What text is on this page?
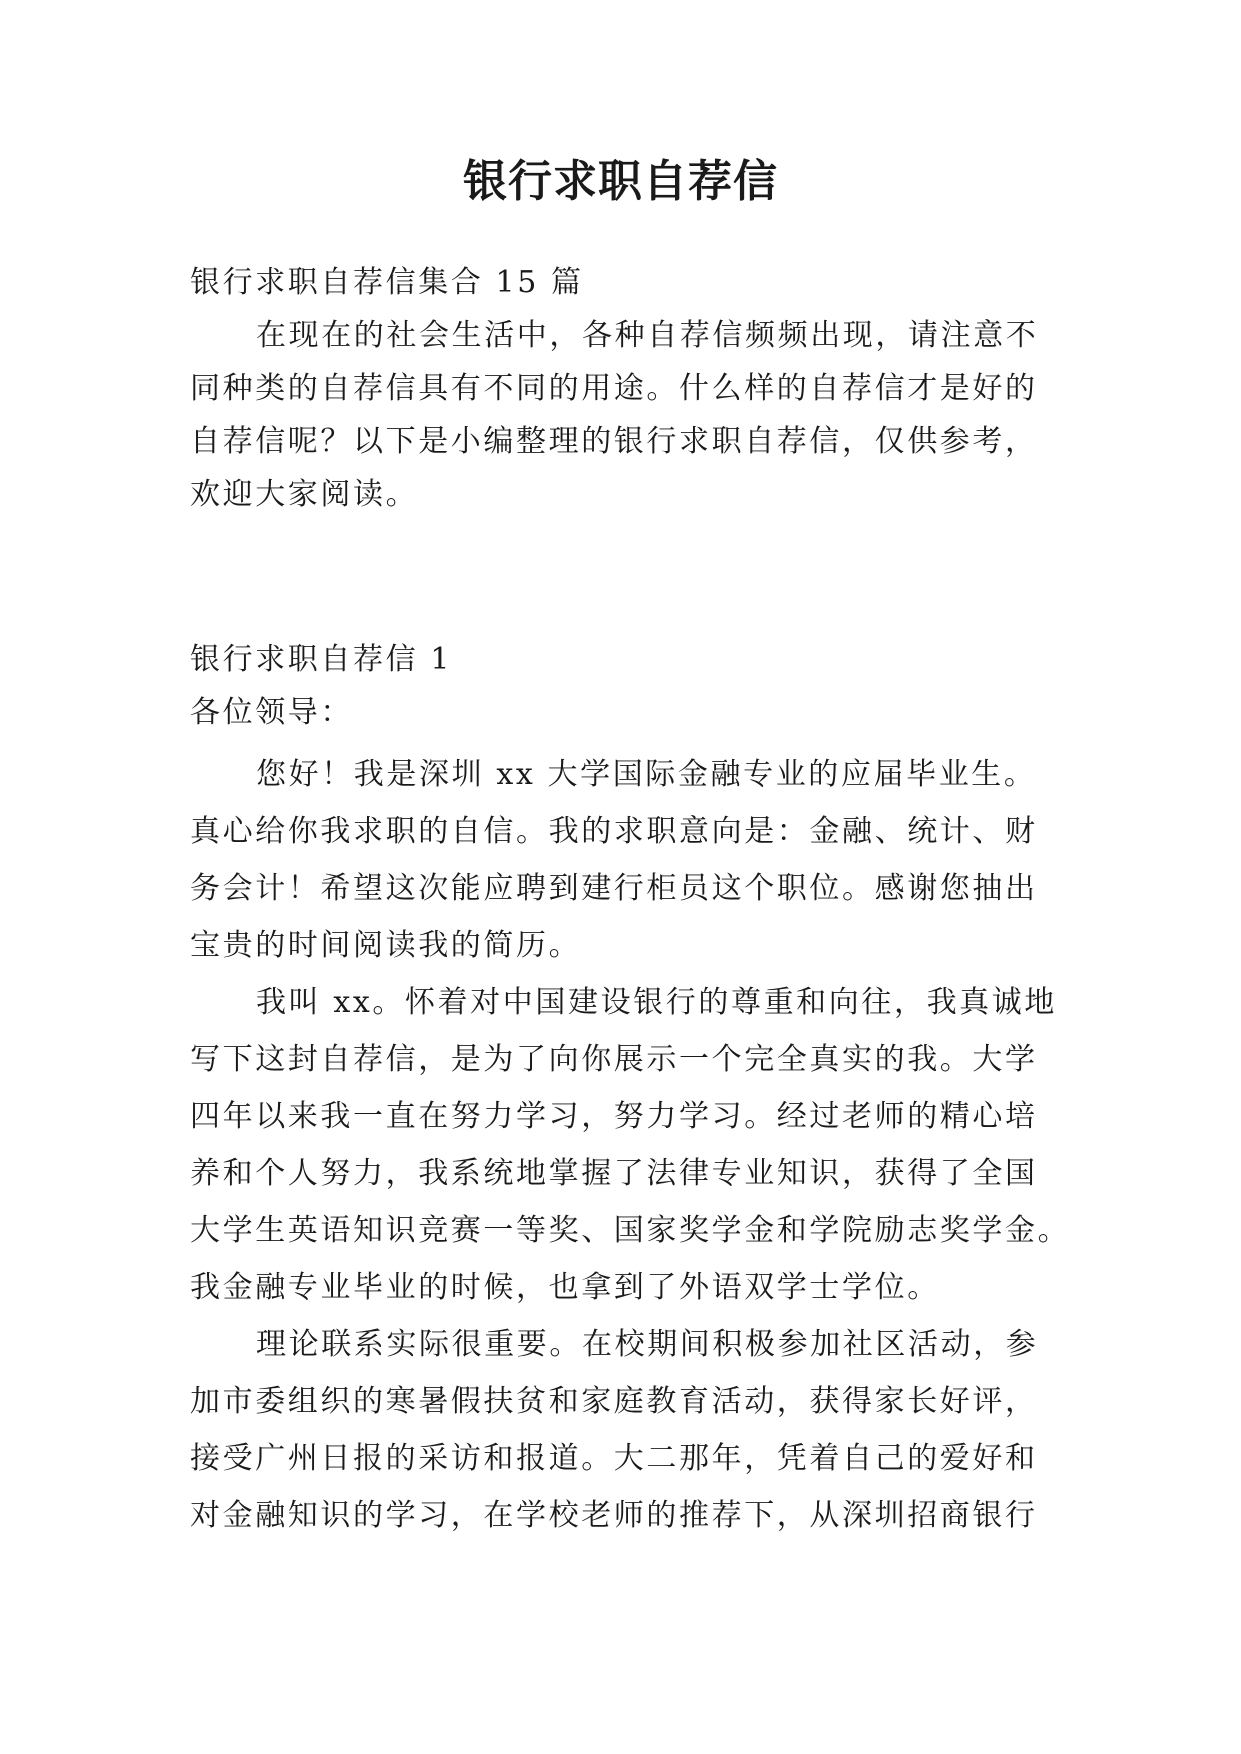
银行求职自荐信

银行求职自荐信集合 15 篇

在现在的社会生活中，各种自荐信频频出现，请注意不

同种类的自荐信具有不同的用途。什么样的自荐信才是好的

自荐信呢？以下是小编整理的银行求职自荐信，仅供参考，

欢迎大家阅读。

银行求职自荐信 1

各位领导：

您好！我是深圳 xx 大学国际金融专业的应届毕业生。

真心给你我求职的自信。我的求职意向是：金融、统计、财

务会计！希望这次能应聘到建行柜员这个职位。感谢您抽出

宝贵的时间阅读我的简历。

我叫 xx。怀着对中国建设银行的尊重和向往，我真诚地

写下这封自荐信，是为了向你展示一个完全真实的我。大学

四年以来我一直在努力学习，努力学习。经过老师的精心培

养和个人努力，我系统地掌握了法律专业知识，获得了全国

大学生英语知识竞赛一等奖、国家奖学金和学院励志奖学金。

我金融专业毕业的时候，也拿到了外语双学士学位。

理论联系实际很重要。在校期间积极参加社区活动，参

加市委组织的寒暑假扶贫和家庭教育活动，获得家长好评，

接受广州日报的采访和报道。大二那年，凭着自己的爱好和

对金融知识的学习，在学校老师的推荐下，从深圳招商银行
